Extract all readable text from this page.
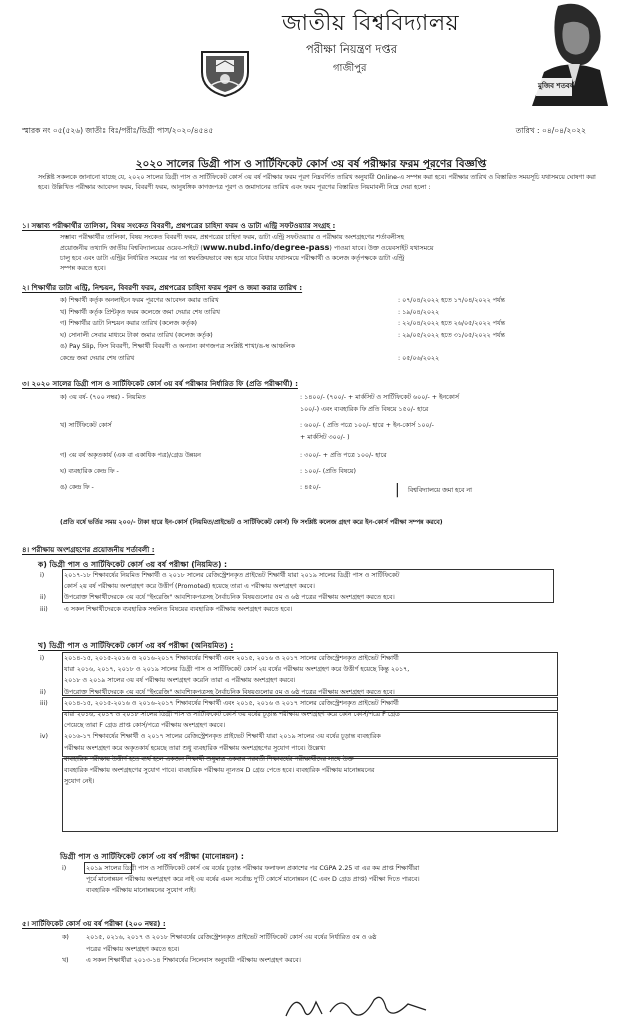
জাতীয় বিশ্ববিদ্যালয়
পরীক্ষা নিয়ন্ত্রণ দপ্তর
গাজীপুর
মুজিব শতবর্ষ
স্মারক নং ০৫(৫২৬) জাতীঃ বিঃ/পরীঃ/ডিগ্রী পাস/২০২০/৪৫৪৫	তারিখ : ০৪/০৪/২০২২
২০২০ সালের ডিগ্রী পাস ও সার্টিফিকেট কোর্স ৩য় বর্ষ পরীক্ষার ফরম পূরণের বিজ্ঞপ্তি
সংশ্লিষ্ট সকলকে জানানো যাচ্ছে যে, ২০২০ সালের ডিগ্রী পাস ও সার্টিফিকেট কোর্স ৩য় বর্ষ পরীক্ষার ফরম পূরণ নিম্নবর্ণিত তারিখ অনুযায়ী Online-এ সম্পন্ন করা হবে। পরীক্ষার তারিখ ও বিস্তারিত সময়সূচি যথাসময়ে ঘোষণা করা হবে। উল্লিখিত পরীক্ষার আবেদন ফরম, বিবরণী ফরম, আনুষঙ্গিক কাগজপত্র পূরণ ও জমাদানের তারিখ এবং ফরম পূরণের বিস্তারিত নিয়মাবলী নিম্নে দেয়া হলো :
১। সম্ভাব্য পরীক্ষার্থীর তালিকা, বিষয় সংকেত বিবরণী, প্রশ্নপত্রের চাহিদা ফরম ও ডাটা এন্ট্রি সফটওয়্যার সংগ্রহ :
সম্ভাব্য পরীক্ষার্থীর তালিকা, বিষয় সংকেত বিবরণী ফরম, প্রশ্নপত্রের চাহিদা ফরম, ডাটা এন্ট্রি সফটওয়্যার ও পরীক্ষায় অংশগ্রহণের শর্তাবলীসহ
প্রয়োজনীয় তথ্যাদি জাতীয় বিশ্ববিদ্যালয়ের ওয়েব-সাইটে (www.nubd.info/degree-pass) পাওয়া যাবে। উক্ত ওয়েবসাইট যথাসময়ে
চালু হবে এবং ডাটা এন্ট্রির নির্ধারিত সময়ের পর তা স্বয়ংক্রিয়ভাবে বন্ধ হয়ে যাবে বিধায় যথাসময়ে পরীক্ষার্থী ও কলেজ কর্তৃপক্ষকে ডাটা এন্ট্রি
সম্পন্ন করতে হবে।
২। শিক্ষার্থীর ডাটা এন্ট্রি, নিশ্চয়ন, বিবরণী ফরম, প্রশ্নপত্রের চাহিদা ফরম পূরণ ও জমা করার তারিখ :
ক) শিক্ষার্থী কর্তৃক অনলাইনে ফরম পূরণের আবেদন করার তারিখ	: ০৭/০৪/২০২২ হতে ১৭/০৪/২০২২ পর্যন্ত
খ) শিক্ষার্থী কর্তৃক প্রিন্টকৃত ফরম কলেজে জমা দেয়ার শেষ তারিখ	: ১৯/০৪/২০২২
গ) শিক্ষার্থীর ডাটা নিশ্চয়ন করার তারিখ (কলেজ কর্তৃক)	: ২২/০৪/২০২২ হতে ২৬/০৫/২০২২ পর্যন্ত
ঘ) সোনালী সেবার মাধ্যমে টাকা জমার তারিখ (কলেজ কর্তৃক)	: ২৯/০৫/২০২২ হতে ৩১/০৫/২০২২ পর্যন্ত
ঙ) Pay Slip, ফিস বিবরণী, শিক্ষার্থী বিবরণী ও অন্যান্য কাগজপত্র সংশ্লিষ্ট শাখা/ঙ-ম্ব আঞ্চলিক
কেন্দ্রে জমা দেয়ার শেষ তারিখ	: ০৫/০৬/২০২২
৩। ২০২০ সালের ডিগ্রী পাস ও সার্টিফিকেট কোর্স ৩য় বর্ষ পরীক্ষার নির্ধারিত ফি (প্রতি পরীক্ষার্থী) :
ক) ৩য় বর্ষ- (৭০০ নম্বর) - নিয়মিত	: ১৪০০/- (৭০০/- + মার্কসিট ও সার্টিফিকেট ৬০০/- + ইনকোর্স
১০০/-) এবং ব্যবহারিক ফি প্রতি বিষয়ে ১৫০/- হারে
খ) সার্টিফিকেট কোর্স	: ৬০০/- ( প্রতি পত্রে ১০০/- হারে + ইন-কোর্স ১০০/-
+ মার্কসিট ৩০০/- )
গ) ৩য় বর্ষ অকৃতকার্য (এক বা একাধিক পত্র)/গ্রেড উন্নয়ন	: ৩০০/- + প্রতি পত্রে ১০০/- হারে
ঘ) ব্যবহারিক কেন্দ্র ফি -	: ১০০/- (প্রতি বিষয়ে)
ঙ) কেন্দ্র ফি -	: ৪৫০/-	| বিশ্ববিদ্যালয়ে জমা হবে না
(প্রতি বর্ষে ভর্তির সময় ২০০/- টাকা হারে ইন-কোর্স (নিয়মিত/প্রাইভেট ও সার্টিফিকেট কোর্স) ফি সংশ্লিষ্ট কলেজ গ্রহণ করে ইন-কোর্স পরীক্ষা সম্পন্ন করবে)
৪। পরীক্ষায় অংশগ্রহণের প্রয়োজনীয় শর্তাবলী :
ক) ডিগ্রী পাস ও সার্টিফিকেট কোর্স ৩য় বর্ষ পরীক্ষা (নিয়মিত) :
i)	২০১৭-১৮ শিক্ষাবর্ষের নিয়মিত শিক্ষার্থী ও ২০১৮ সালের রেজিস্ট্রেশনকৃত প্রাইভেট শিক্ষার্থী যারা ২০১৯ সালের ডিগ্রী পাস ও সার্টিফিকেট
কোর্স ২য় বর্ষ পরীক্ষায় অংশগ্রহণ করে উত্তীর্ণ (Promoted) হয়েছে তারা এ পরীক্ষায় অংশগ্রহণ করবে।
ii)	উপরোক্ত শিক্ষার্থীদেরকে ৩য় বর্ষে "ইংরেজি" আবশ্যিকপত্রসহ নৈর্বাচনিক বিষয়গুলোর ৫ম ও ৬ষ্ঠ পত্রের পরীক্ষায় অংশগ্রহণ করতে হবে।
iii)	এ সকল শিক্ষার্থীদেরকে ব্যবহারিক সম্বলিত বিষয়ের ব্যবহারিক পরীক্ষায় অংশগ্রহণ করতে হবে।
খ) ডিগ্রী পাস ও সার্টিফিকেট কোর্স ৩য় বর্ষ পরীক্ষা (অনিয়মিত) :
i)	২০১৪-১৫, ২০১৫-২০১৬ ও ২০১৬-২০১৭ শিক্ষাবর্ষের শিক্ষার্থী এবং ২০১৫, ২০১৬ ও ২০১৭ সালের রেজিস্ট্রেশনকৃত প্রাইভেট শিক্ষার্থী
যারা ২০১৬, ২০১৭, ২০১৮ ও ২০১৯ সালের ডিগ্রী পাস ও সার্টিফিকেট কোর্স ২য় বর্ষের পরীক্ষায় অংশগ্রহণ করে উত্তীর্ণ হয়েছে কিন্তু ২০১৭,
২০১৮ ও ২০১৯ সালের ৩য় বর্ষ পরীক্ষায় অংশগ্রহণ করেনি তারা এ পরীক্ষায় অংশগ্রহণ করবে।
ii)	উপরোক্ত শিক্ষার্থীদেরকে ৩য় বর্ষে "ইংরেজি" আবশ্যিকপত্রসহ নৈর্বাচনিক বিষয়গুলোর ৫ম ও ৬ষ্ঠ পত্রের পরীক্ষায় অংশগ্রহণ করতে হবে।
iii)	২০১৪-১৫, ২০১৫-২০১৬ ও ২০১৬-২০১৭ শিক্ষাবর্ষের শিক্ষার্থী এবং ২০১৫, ২০১৬ ও ২০১৭ সালের রেজিস্ট্রেশনকৃত প্রাইভেট শিক্ষার্থী
যারা ২০১৬, ২০১৭ ও ২০১৮ সালের ডিগ্রী পাস ও সার্টিফিকেট কোর্স ৩য় বর্ষের চূড়ান্ত পরীক্ষায় অংশগ্রহণ করে কোন কোর্স/পত্রে F গ্রেড
পেয়েছে তারা F গ্রেড প্রাপ্ত কোর্স/পত্রে পরীক্ষায় অংশগ্রহণ করবে।
iv)	২০১৬-১৭ শিক্ষাবর্ষের শিক্ষার্থী ও ২০১৭ সালের রেজিস্ট্রেশনকৃত প্রাইভেট শিক্ষার্থী যারা ২০১৯ সালের ৩য় বর্ষের চূড়ান্ত ব্যবহারিক
পরীক্ষায় অংশগ্রহণ করে অকৃতকার্য হয়েছে তারা শুধু ব্যবহারিক পরীক্ষায় অংশগ্রহণের সুযোগ পাবে। উল্লেখ্য
ব্যবহারিক পরীক্ষায় উত্তীর্ণ হতে ব্যর্থ হলে একজন শিক্ষার্থী শুধুমাত্র একবার পরবর্তী শিক্ষাবর্ষের পরীক্ষার্থীদের সাথে উক্ত
ব্যবহারিক পরীক্ষায় অংশগ্রহণের সুযোগ পাবে। ব্যবহারিক পরীক্ষায় ন্যূনতম D গ্রেড পেতে হবে। ব্যবহারিক পরীক্ষায় মানোন্নয়নের
সুযোগ নেই।
ডিগ্রী পাস ও সার্টিফিকেট কোর্স ৩য় বর্ষ পরীক্ষা (মানোন্নয়ন) :
i)	২০১৯ সালের ডিগ্রী পাস ও সার্টিফিকেট কোর্স ৩য় বর্ষের চূড়ান্ত পরীক্ষার ফলাফল প্রকাশের পর CGPA 2.25 বা এর কম প্রাপ্ত শিক্ষার্থীরা
পূর্বে মানোন্নয়ন পরীক্ষায় অংশগ্রহণ করে নাই ৩য় বর্ষের এমন সর্বোচ্চ দু'টি কোর্সে মানোন্নয়ন (C এবং D গ্রেড প্রাপ্ত) পরীক্ষা দিতে পারবে।
ব্যবহারিক পরীক্ষায় মানোন্নয়নের সুযোগ নাই।
৫। সার্টিফিকেট কোর্স ৩য় বর্ষ পরীক্ষা (২০০ নম্বর) :
ক)	২০১৫, ০২১৬, ২০১৭ ও ২০১৮ শিক্ষাবর্ষের রেজিস্ট্রেশনকৃত প্রাইভেট সার্টিফিকেট কোর্স ৩য় বর্ষের নির্ধারিত ৫ম ও ৬ষ্ঠ
পত্রের পরীক্ষায় অংশগ্রহণ করতে হবে।
খ)	এ সকল শিক্ষার্থীরা ২০১৩-১৪ শিক্ষাবর্ষের সিলেবাস অনুযায়ী পরীক্ষায় অংশগ্রহণ করবে।
